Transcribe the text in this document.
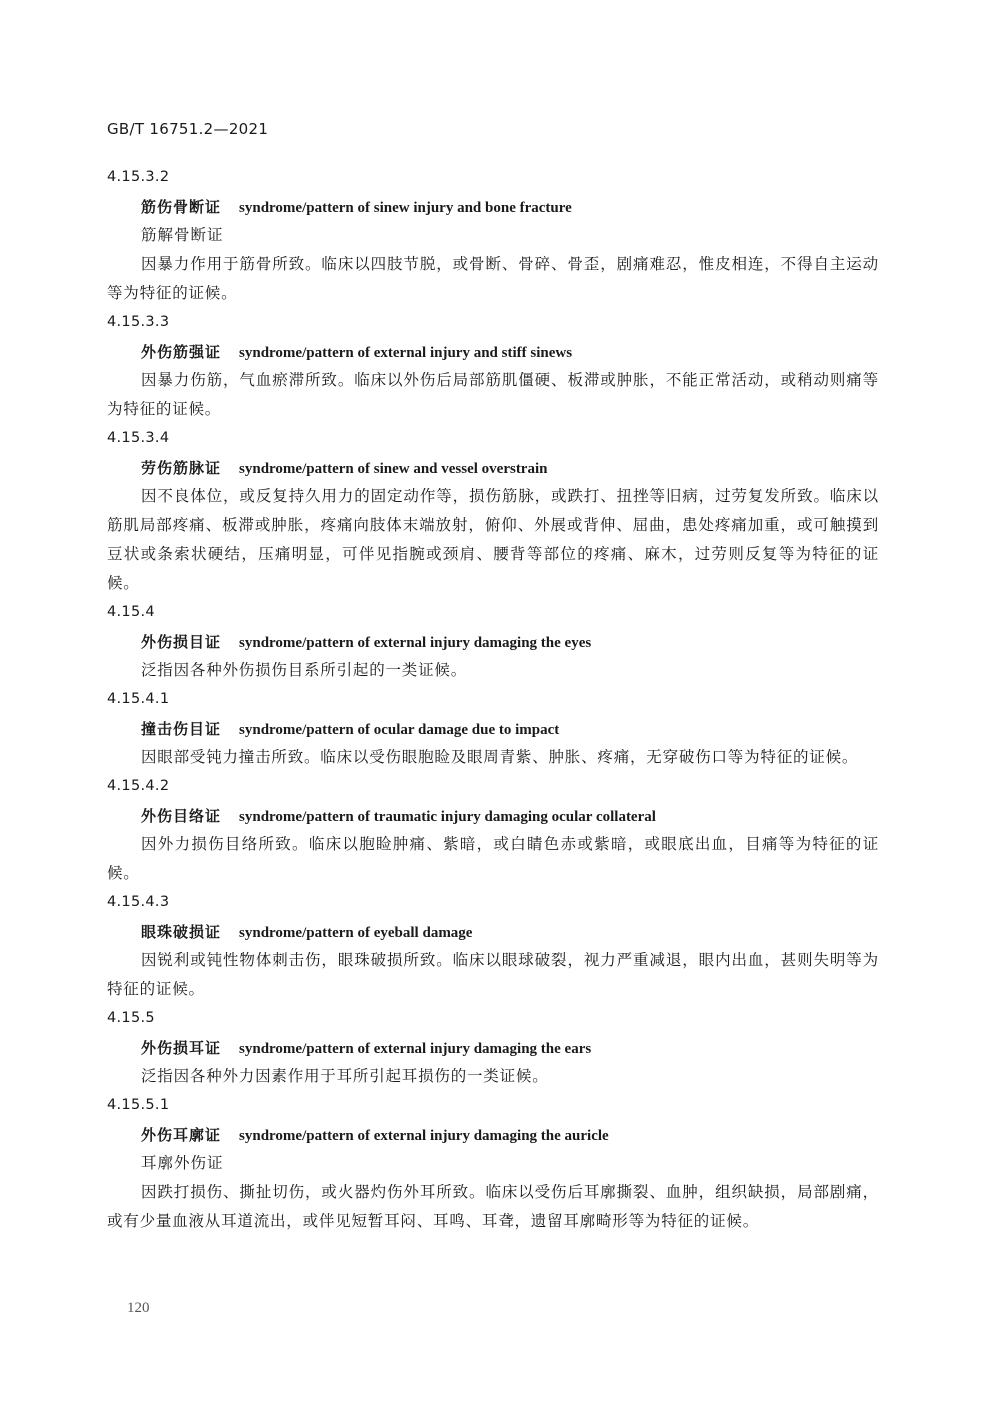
GB/T 16751.2—2021
4.15.3.2
筋伤骨断证 syndrome/pattern of sinew injury and bone fracture
筋解骨断证

因暴力作用于筋骨所致。临床以四肢节脱，或骨断、骨碎、骨歪，剧痛难忍，惟皮相连，不得自主运动等为特征的证候。

4.15.3.3
外伤筋强证 syndrome/pattern of external injury and stiff sinews

因暴力伤筋，气血瘀滞所致。临床以外伤后局部筋肌僵硬、板滞或肿胀，不能正常活动，或稍动则痛等为特征的证候。

4.15.3.4
劳伤筋脉证 syndrome/pattern of sinew and vessel overstrain

因不良体位，或反复持久用力的固定动作等，损伤筋脉，或跌打、扭挫等旧病，过劳复发所致。临床以筋肌局部疼痛、板滞或肿胀，疼痛向肢体末端放射，俯仰、外展或背伸、屈曲，患处疼痛加重，或可触摸到豆状或条索状硬结，压痛明显，可伴见指腕或颈肩、腰背等部位的疼痛、麻木，过劳则反复等为特征的证候。

4.15.4
外伤损目证 syndrome/pattern of external injury damaging the eyes

泛指因各种外伤损伤目系所引起的一类证候。

4.15.4.1
撞击伤目证 syndrome/pattern of ocular damage due to impact

因眼部受钝力撞击所致。临床以受伤眼胞睑及眼周青紫、肿胀、疼痛，无穿破伤口等为特征的证候。

4.15.4.2
外伤目络证 syndrome/pattern of traumatic injury damaging ocular collateral

因外力损伤目络所致。临床以胞睑肿痛、紫暗，或白睛色赤或紫暗，或眼底出血，目痛等为特征的证候。

4.15.4.3
眼珠破损证 syndrome/pattern of eyeball damage

因锐利或钝性物体刺击伤，眼珠破损所致。临床以眼球破裂，视力严重减退，眼内出血，甚则失明等为特征的证候。

4.15.5
外伤损耳证 syndrome/pattern of external injury damaging the ears

泛指因各种外力因素作用于耳所引起耳损伤的一类证候。

4.15.5.1
外伤耳廓证 syndrome/pattern of external injury damaging the auricle
耳廓外伤证

因跌打损伤、撕扯切伤，或火器灼伤外耳所致。临床以受伤后耳廓撕裂、血肿，组织缺损，局部剧痛，或有少量血液从耳道流出，或伴见短暂耳闷、耳鸣、耳聋，遗留耳廓畸形等为特征的证候。

120
